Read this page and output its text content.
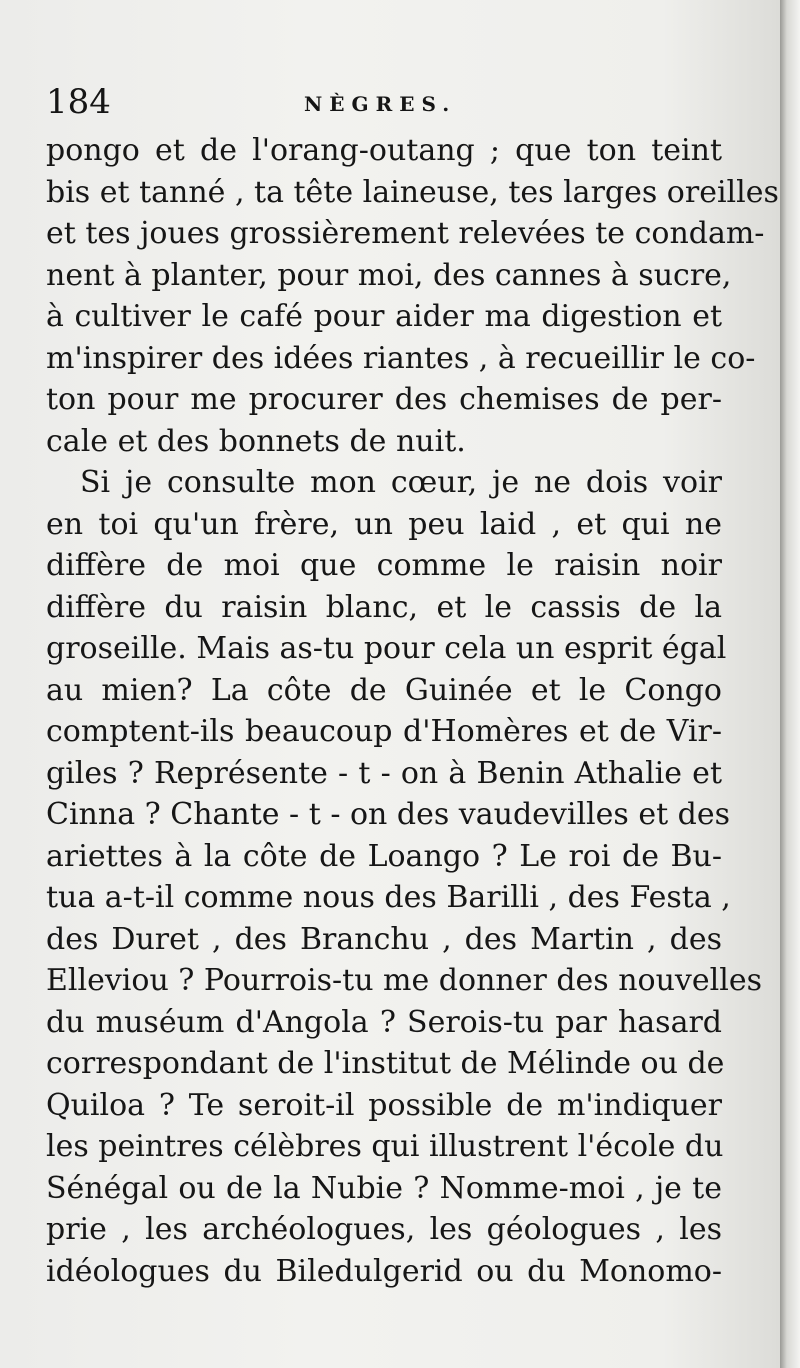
184	NÈGRES.
pongo et de l'orang-outang ; que ton teint
bis et tanné , ta tête laineuse, tes larges oreilles
et tes joues grossièrement relevées te condam-
nent à planter, pour moi, des cannes à sucre,
à cultiver le café pour aider ma digestion et
m'inspirer des idées riantes , à recueillir le co-
ton pour me procurer des chemises de per-
cale et des bonnets de nuit.
Si je consulte mon cœur, je ne dois voir
en toi qu'un frère, un peu laid , et qui ne
diffère de moi que comme le raisin noir
diffère du raisin blanc, et le cassis de la
groseille. Mais as-tu pour cela un esprit égal
au mien? La côte de Guinée et le Congo
comptent-ils beaucoup d'Homères et de Vir-
giles ? Représente - t - on à Benin Athalie et
Cinna ? Chante - t - on des vaudevilles et des
ariettes à la côte de Loango ? Le roi de Bu-
tua a-t-il comme nous des Barilli , des Festa ,
des Duret , des Branchu , des Martin , des
Elleviou ? Pourrois-tu me donner des nouvelles
du muséum d'Angola ? Serois-tu par hasard
correspondant de l'institut de Mélinde ou de
Quiloa ? Te seroit-il possible de m'indiquer
les peintres célèbres qui illustrent l'école du
Sénégal ou de la Nubie ? Nomme-moi , je te
prie , les archéologues, les géologues , les
idéologues du Biledulgerid ou du Monomo-
